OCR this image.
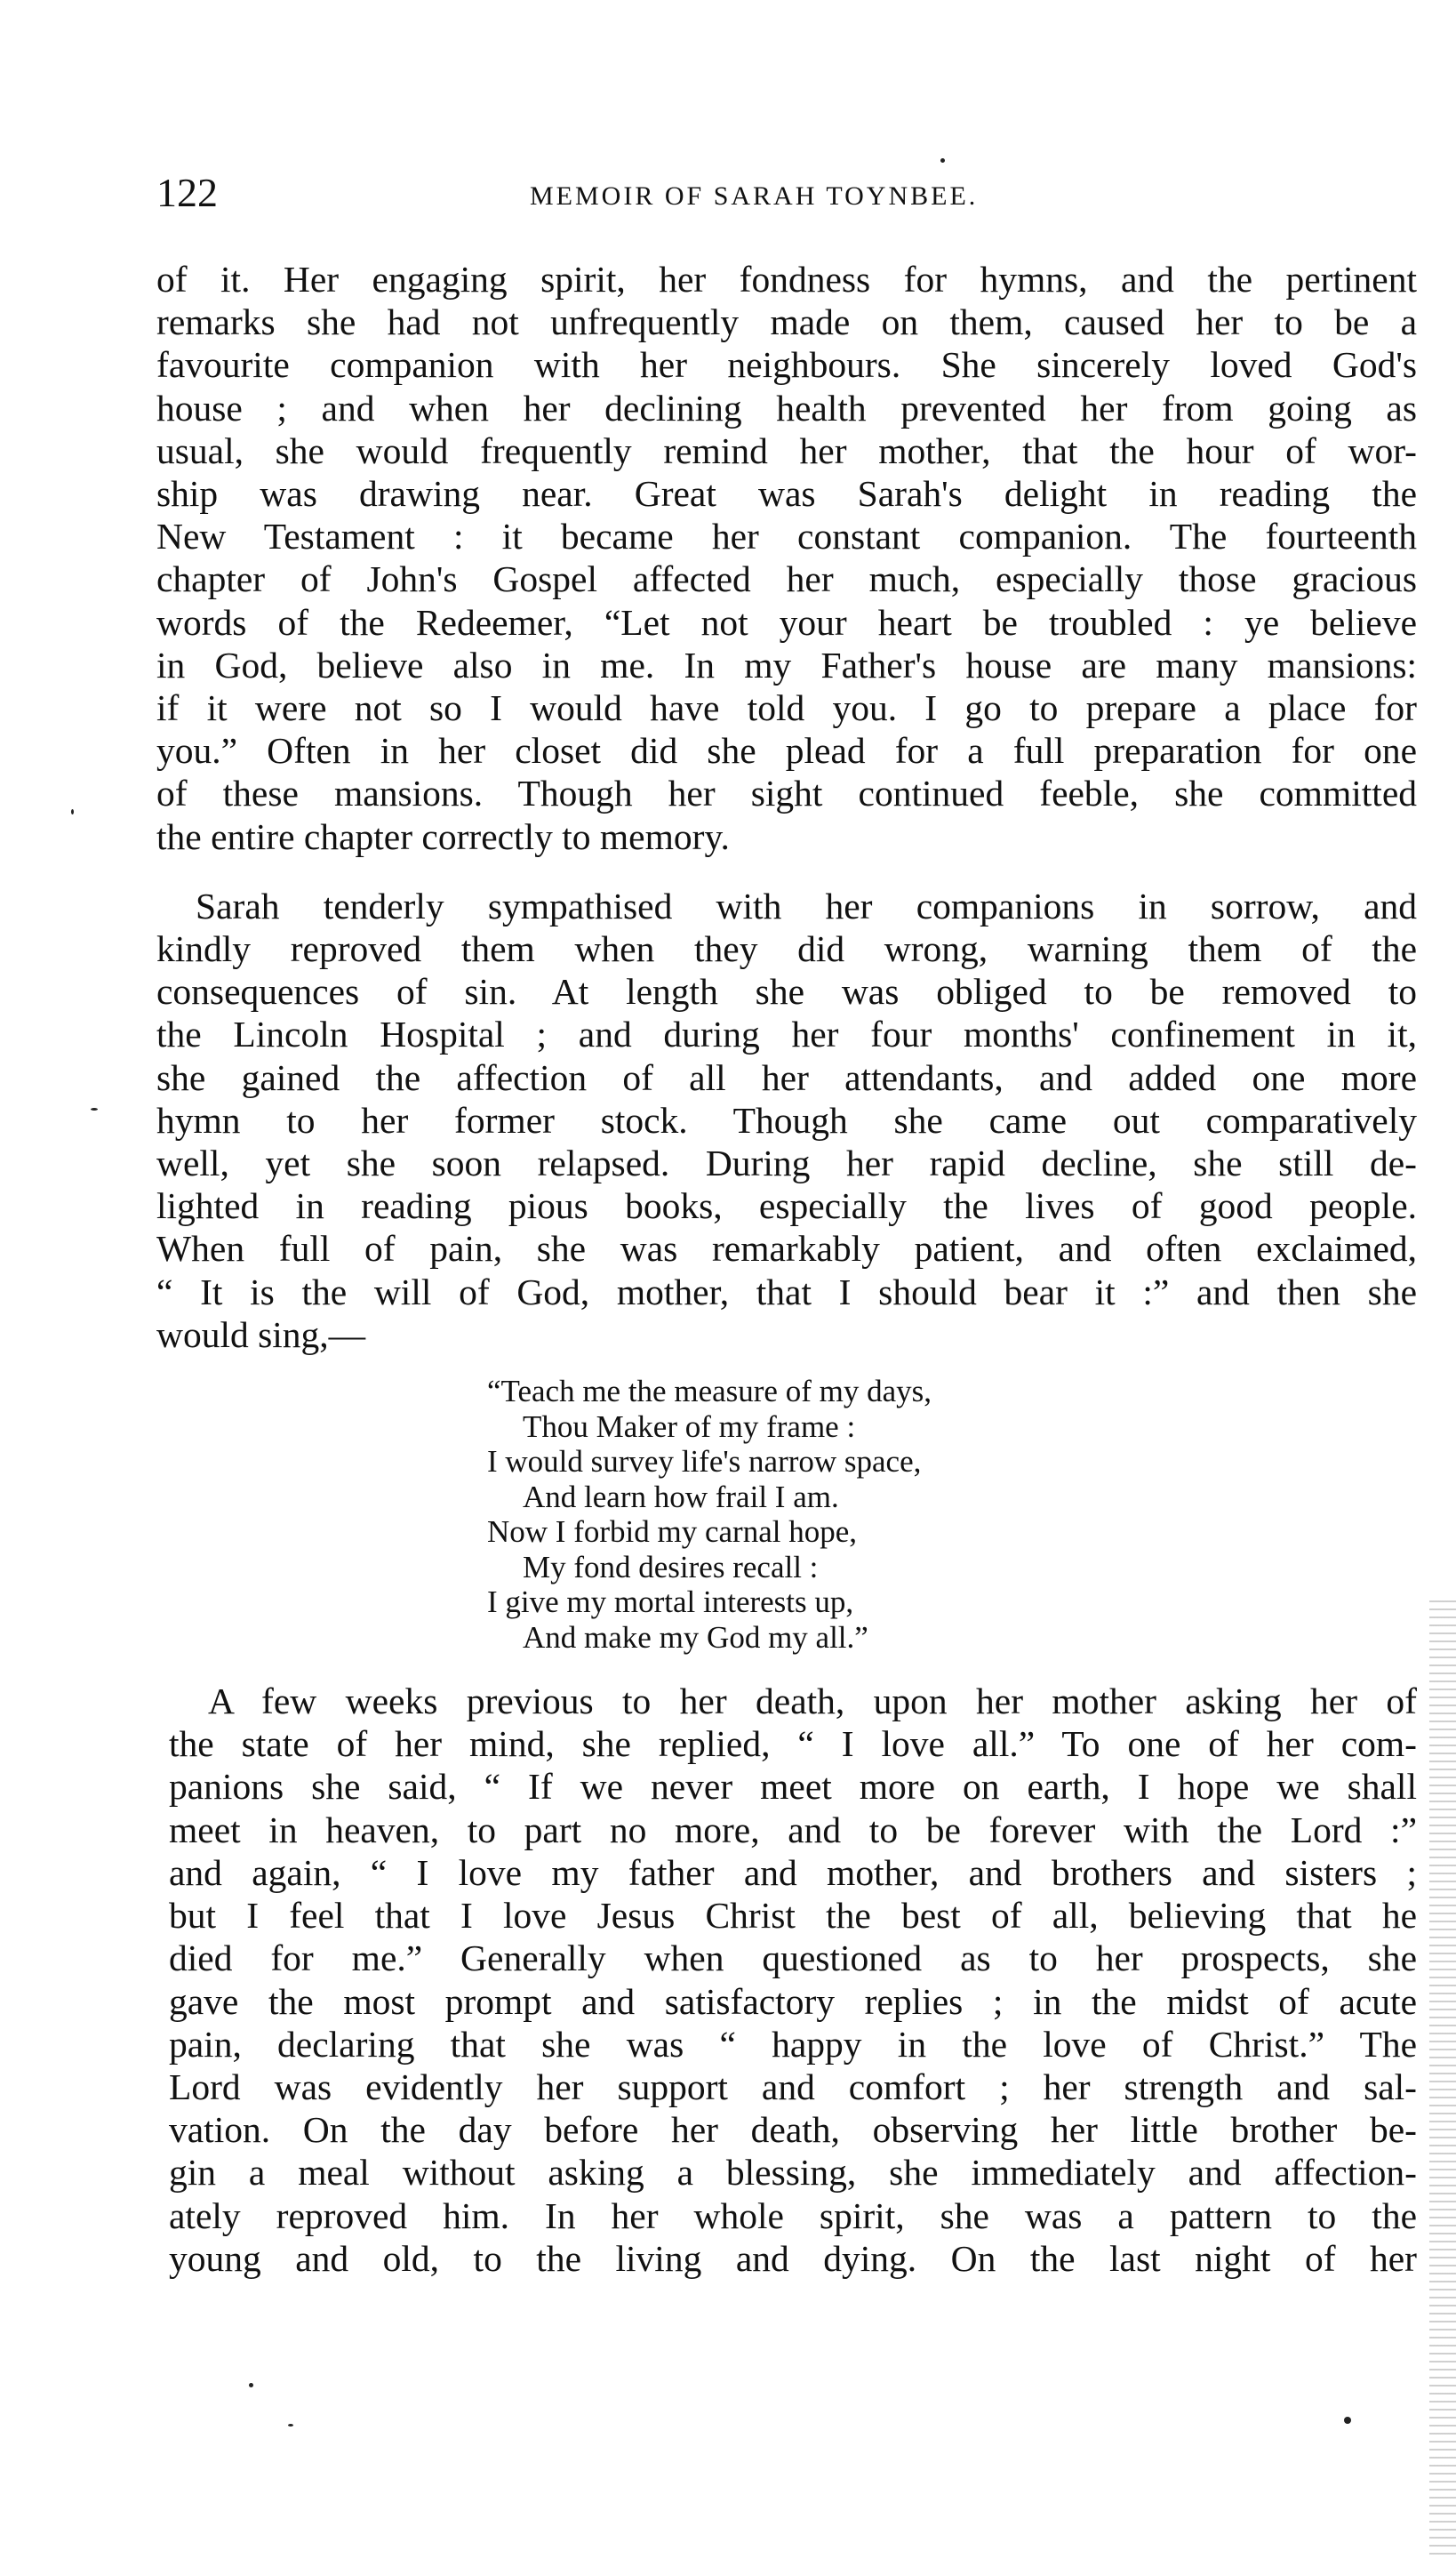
122	MEMOIR OF SARAH TOYNBEE.
of it. Her engaging spirit, her fondness for hymns, and the pertinent
remarks she had not unfrequently made on them, caused her to be a
favourite companion with her neighbours. She sincerely loved God's
house ; and when her declining health prevented her from going as
usual, she would frequently remind her mother, that the hour of wor-
ship was drawing near. Great was Sarah's delight in reading the
New Testament : it became her constant companion. The fourteenth
chapter of John's Gospel affected her much, especially those gracious
words of the Redeemer, “Let not your heart be troubled : ye believe
in God, believe also in me. In my Father's house are many mansions:
if it were not so I would have told you. I go to prepare a place for
you.” Often in her closet did she plead for a full preparation for one
of these mansions. Though her sight continued feeble, she committed
the entire chapter correctly to memory.
Sarah tenderly sympathised with her companions in sorrow, and
kindly reproved them when they did wrong, warning them of the
consequences of sin. At length she was obliged to be removed to
the Lincoln Hospital ; and during her four months' confinement in it,
she gained the affection of all her attendants, and added one more
hymn to her former stock. Though she came out comparatively
well, yet she soon relapsed. During her rapid decline, she still de-
lighted in reading pious books, especially the lives of good people.
When full of pain, she was remarkably patient, and often exclaimed,
“ It is the will of God, mother, that I should bear it :” and then she
would sing,—
“Teach me the measure of my days,
Thou Maker of my frame :
I would survey life's narrow space,
And learn how frail I am.
Now I forbid my carnal hope,
My fond desires recall :
I give my mortal interests up,
And make my God my all.”
A few weeks previous to her death, upon her mother asking her of
the state of her mind, she replied, “ I love all.” To one of her com-
panions she said, “ If we never meet more on earth, I hope we shall
meet in heaven, to part no more, and to be forever with the Lord :”
and again, “ I love my father and mother, and brothers and sisters ;
but I feel that I love Jesus Christ the best of all, believing that he
died for me.” Generally when questioned as to her prospects, she
gave the most prompt and satisfactory replies ; in the midst of acute
pain, declaring that she was “ happy in the love of Christ.” The
Lord was evidently her support and comfort ; her strength and sal-
vation. On the day before her death, observing her little brother be-
gin a meal without asking a blessing, she immediately and affection-
ately reproved him. In her whole spirit, she was a pattern to the
young and old, to the living and dying. On the last night of her
